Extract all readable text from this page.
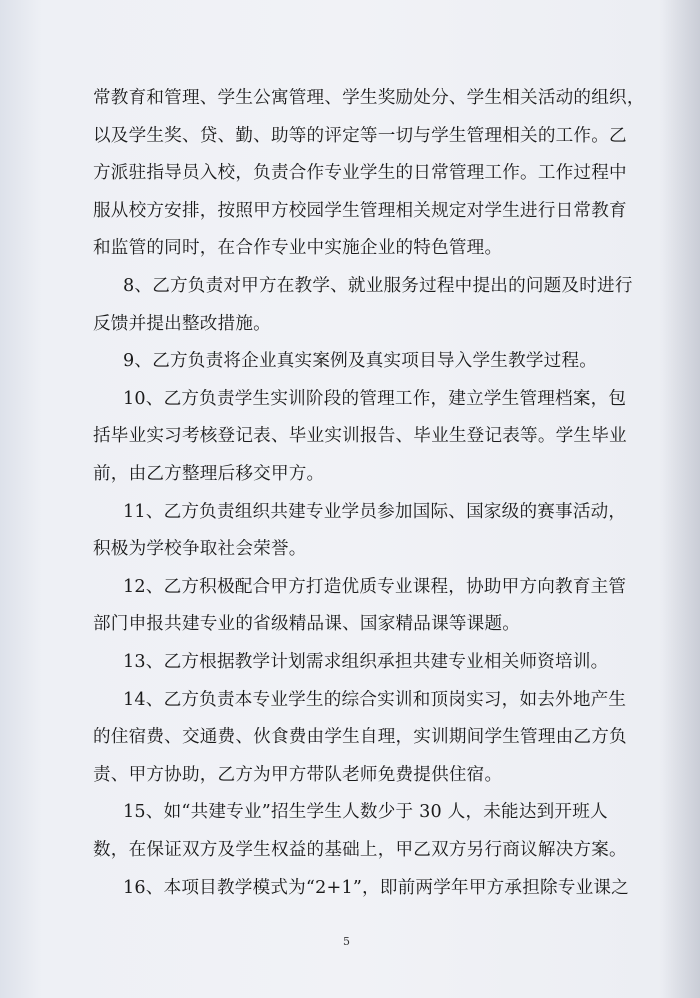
常教育和管理、学生公寓管理、学生奖励处分、学生相关活动的组织，
以及学生奖、贷、勤、助等的评定等一切与学生管理相关的工作。乙
方派驻指导员入校，负责合作专业学生的日常管理工作。工作过程中
服从校方安排，按照甲方校园学生管理相关规定对学生进行日常教育
和监管的同时，在合作专业中实施企业的特色管理。
8、乙方负责对甲方在教学、就业服务过程中提出的问题及时进行
反馈并提出整改措施。
9、乙方负责将企业真实案例及真实项目导入学生教学过程。
10、乙方负责学生实训阶段的管理工作，建立学生管理档案，包
括毕业实习考核登记表、毕业实训报告、毕业生登记表等。学生毕业
前，由乙方整理后移交甲方。
11、乙方负责组织共建专业学员参加国际、国家级的赛事活动，
积极为学校争取社会荣誉。
12、乙方积极配合甲方打造优质专业课程，协助甲方向教育主管
部门申报共建专业的省级精品课、国家精品课等课题。
13、乙方根据教学计划需求组织承担共建专业相关师资培训。
14、乙方负责本专业学生的综合实训和顶岗实习，如去外地产生
的住宿费、交通费、伙食费由学生自理，实训期间学生管理由乙方负
责、甲方协助，乙方为甲方带队老师免费提供住宿。
15、如“共建专业”招生学生人数少于 30 人，未能达到开班人
数，在保证双方及学生权益的基础上，甲乙双方另行商议解决方案。
16、本项目教学模式为“2+1”，即前两学年甲方承担除专业课之
5
